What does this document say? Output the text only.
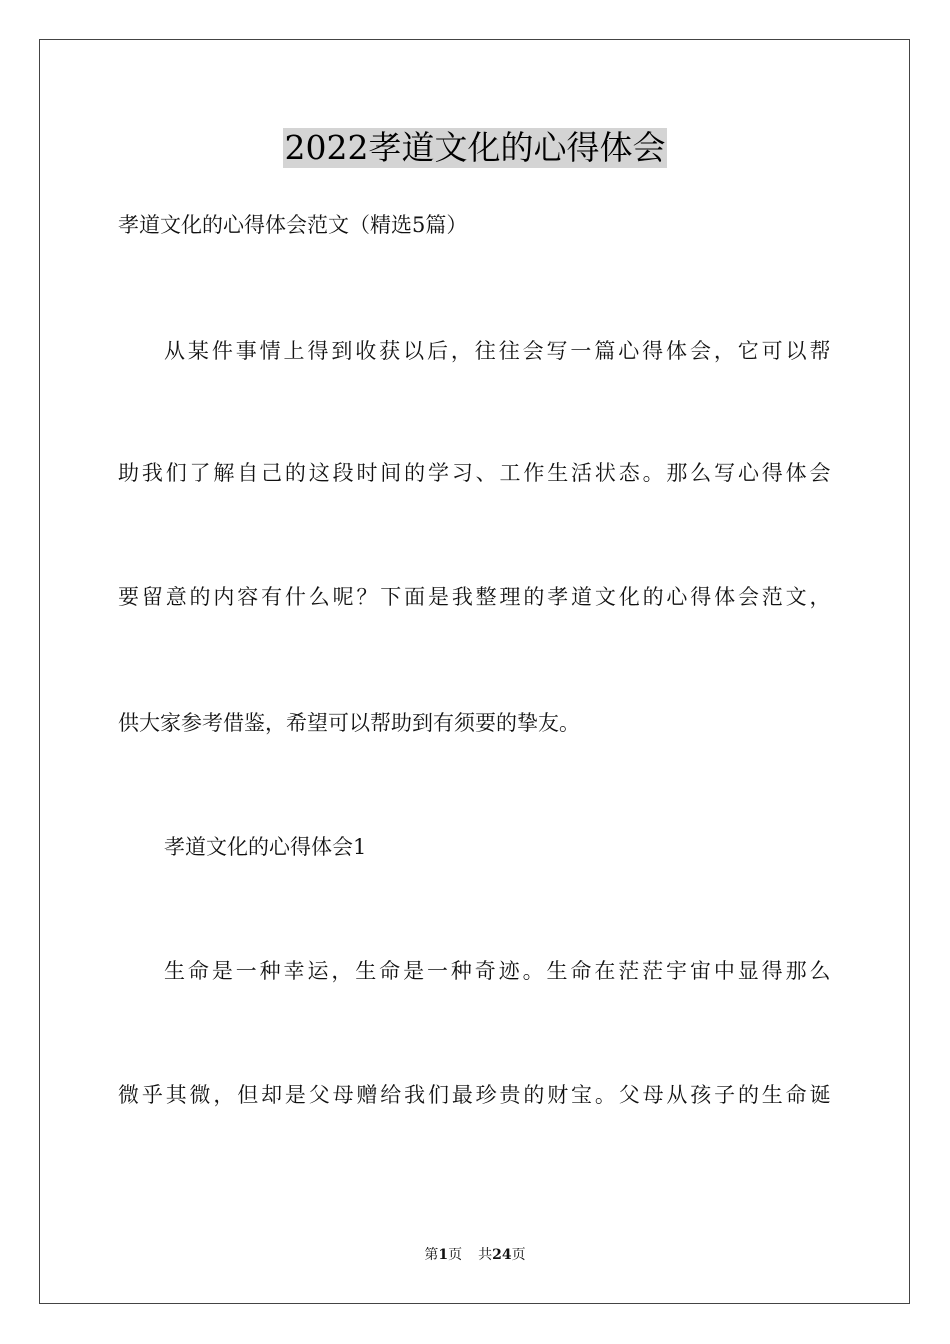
2022孝道文化的心得体会
孝道文化的心得体会范文（精选5篇）
从某件事情上得到收获以后，往往会写一篇心得体会，它可以帮
助我们了解自己的这段时间的学习、工作生活状态。那么写心得体会
要留意的内容有什么呢？下面是我整理的孝道文化的心得体会范文，
供大家参考借鉴，希望可以帮助到有须要的挚友。
孝道文化的心得体会1
生命是一种幸运，生命是一种奇迹。生命在茫茫宇宙中显得那么
微乎其微，但却是父母赠给我们最珍贵的财宝。父母从孩子的生命诞
第1页 共24页
